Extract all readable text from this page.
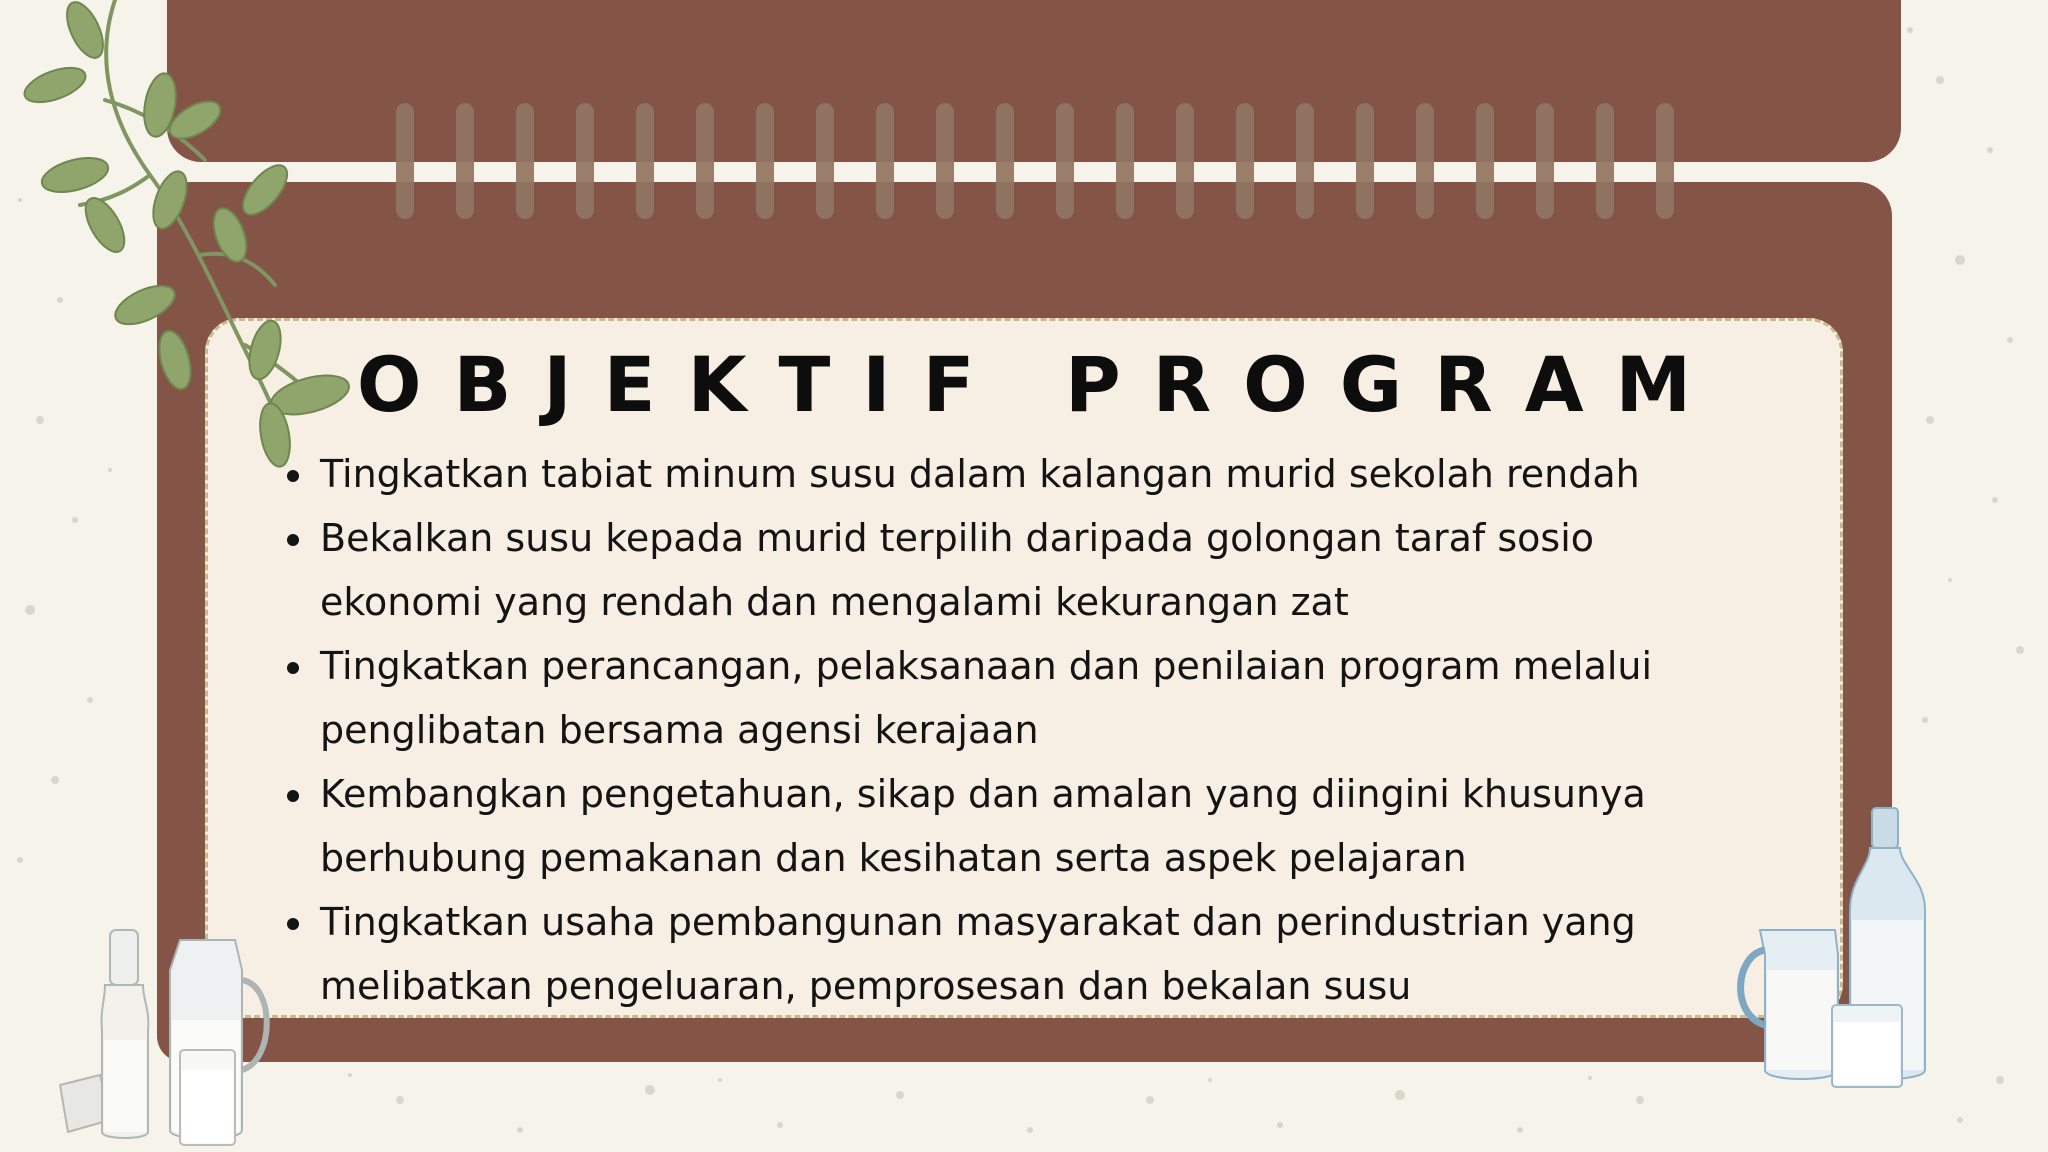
OBJEKTIF PROGRAM
Tingkatkan tabiat minum susu dalam kalangan murid sekolah rendah
Bekalkan susu kepada murid terpilih daripada golongan taraf sosio ekonomi yang rendah dan mengalami kekurangan zat
Tingkatkan perancangan, pelaksanaan dan penilaian program melalui penglibatan bersama agensi kerajaan
Kembangkan pengetahuan, sikap dan amalan yang diingini khusunya berhubung pemakanan dan kesihatan serta aspek pelajaran
Tingkatkan usaha pembangunan masyarakat dan perindustrian yang melibatkan pengeluaran, pemprosesan dan bekalan susu
